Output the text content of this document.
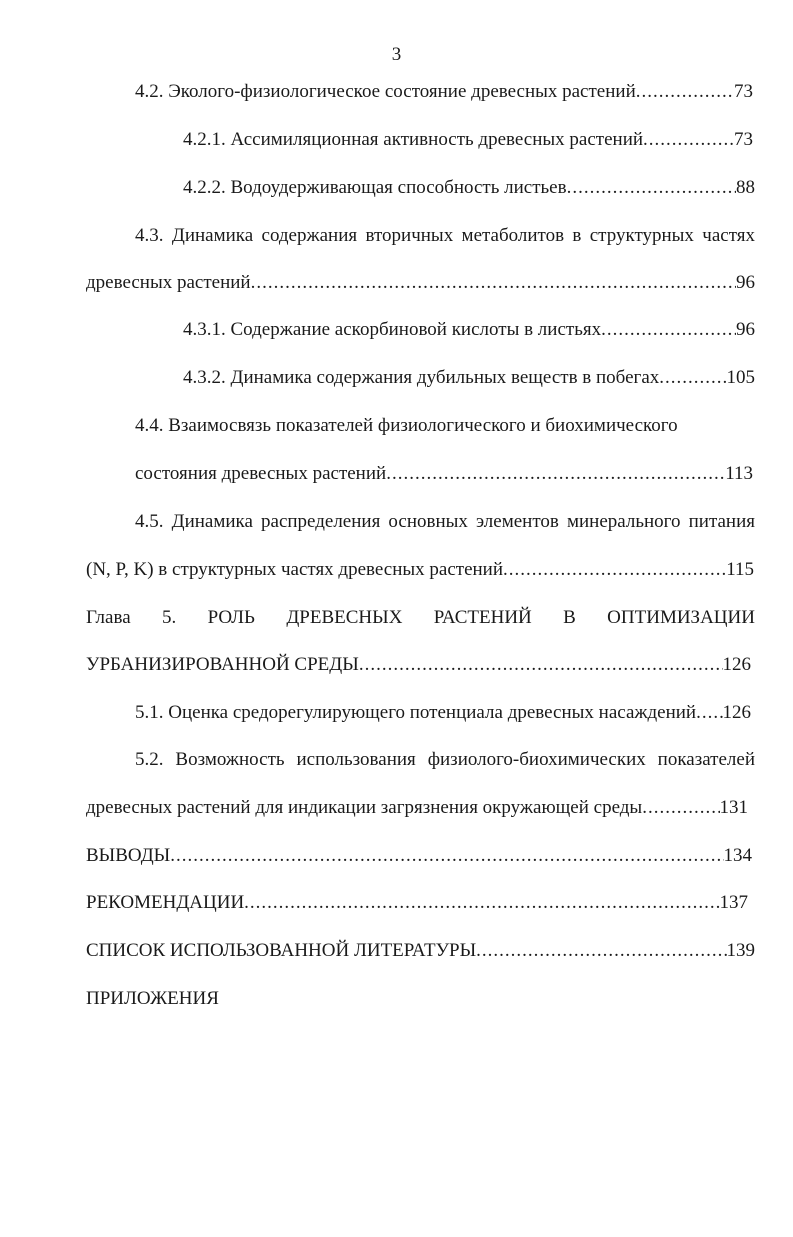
3
4.2. Эколого-физиологическое состояние древесных растений .....	73
4.2.1. Ассимиляционная активность древесных растений .....	73
4.2.2. Водоудерживающая способность листьев .....	88
4.3. Динамика содержания вторичных метаболитов в структурных частях
древесных растений .....	96
4.3.1. Содержание аскорбиновой кислоты в листьях .....	96
4.3.2. Динамика содержания дубильных веществ в побегах .....	105
4.4. Взаимосвязь показателей физиологического и биохимического
состояния древесных растений .....	113
4.5. Динамика распределения основных элементов минерального питания
(N, P, K) в структурных частях древесных растений .....	115
Глава 5. РОЛЬ ДРЕВЕСНЫХ РАСТЕНИЙ В ОПТИМИЗАЦИИ
УРБАНИЗИРОВАННОЙ СРЕДЫ .....	126
5.1. Оценка средорегулирующего потенциала древесных насаждений ..... 126
5.2. Возможность использования физиолого-биохимических показателей
древесных растений для индикации загрязнения окружающей среды .....	131
ВЫВОДЫ .....	134
РЕКОМЕНДАЦИИ .....	137
СПИСОК ИСПОЛЬЗОВАННОЙ ЛИТЕРАТУРЫ .....	139
ПРИЛОЖЕНИЯ
